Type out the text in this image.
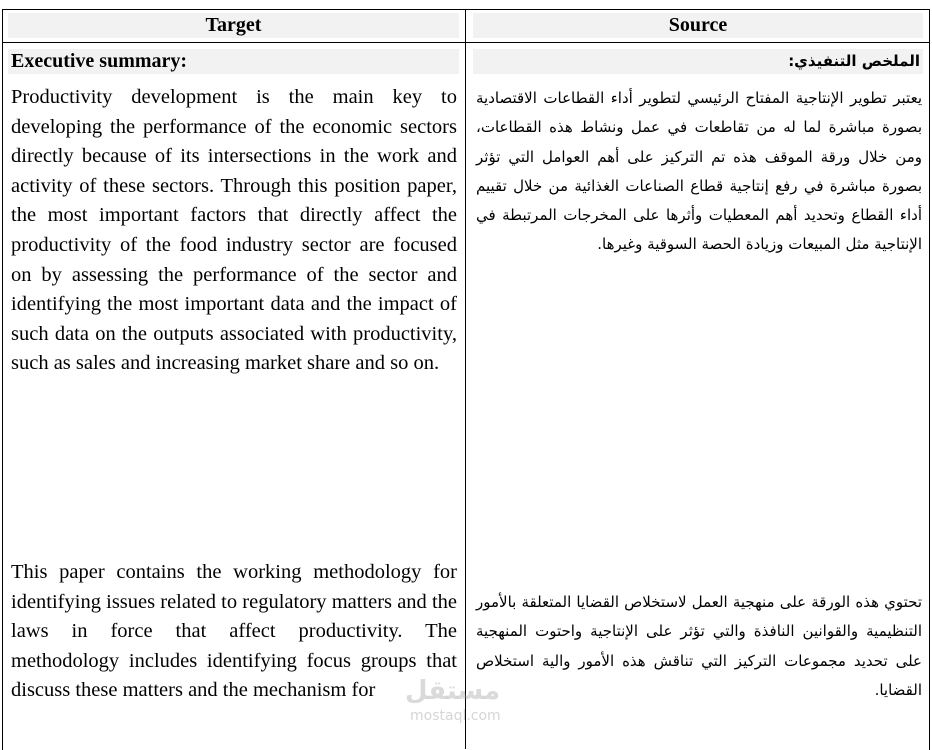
Target	Source
Executive summary:	الملخص التنفيذي:
Productivity development is the main key to developing the performance of the economic sectors directly because of its intersections in the work and activity of these sectors. Through this position paper, the most important factors that directly affect the productivity of the food industry sector are focused on by assessing the performance of the sector and identifying the most important data and the impact of such data on the outputs associated with productivity, such as sales and increasing market share and so on.
This paper contains the working methodology for identifying issues related to regulatory matters and the laws in force that affect productivity. The methodology includes identifying focus groups that discuss these matters and the mechanism for
يعتبر تطوير الإنتاجية المفتاح الرئيسي لتطوير أداء القطاعات الاقتصادية بصورة مباشرة لما له من تقاطعات في عمل ونشاط هذه القطاعات، ومن خلال ورقة الموقف هذه تم التركيز على أهم العوامل التي تؤثر بصورة مباشرة في رفع إنتاجية قطاع الصناعات الغذائية من خلال تقييم أداء القطاع وتحديد أهم المعطيات وأثرها على المخرجات المرتبطة في الإنتاجية مثل المبيعات وزيادة الحصة السوقية وغيرها.
تحتوي هذه الورقة على منهجية العمل لاستخلاص القضايا المتعلقة بالأمور التنظيمية والقوانين النافذة والتي تؤثر على الإنتاجية واحتوت المنهجية على تحديد مجموعات التركيز التي تناقش هذه الأمور والية استخلاص القضايا.
مستقل
mostaql.com
